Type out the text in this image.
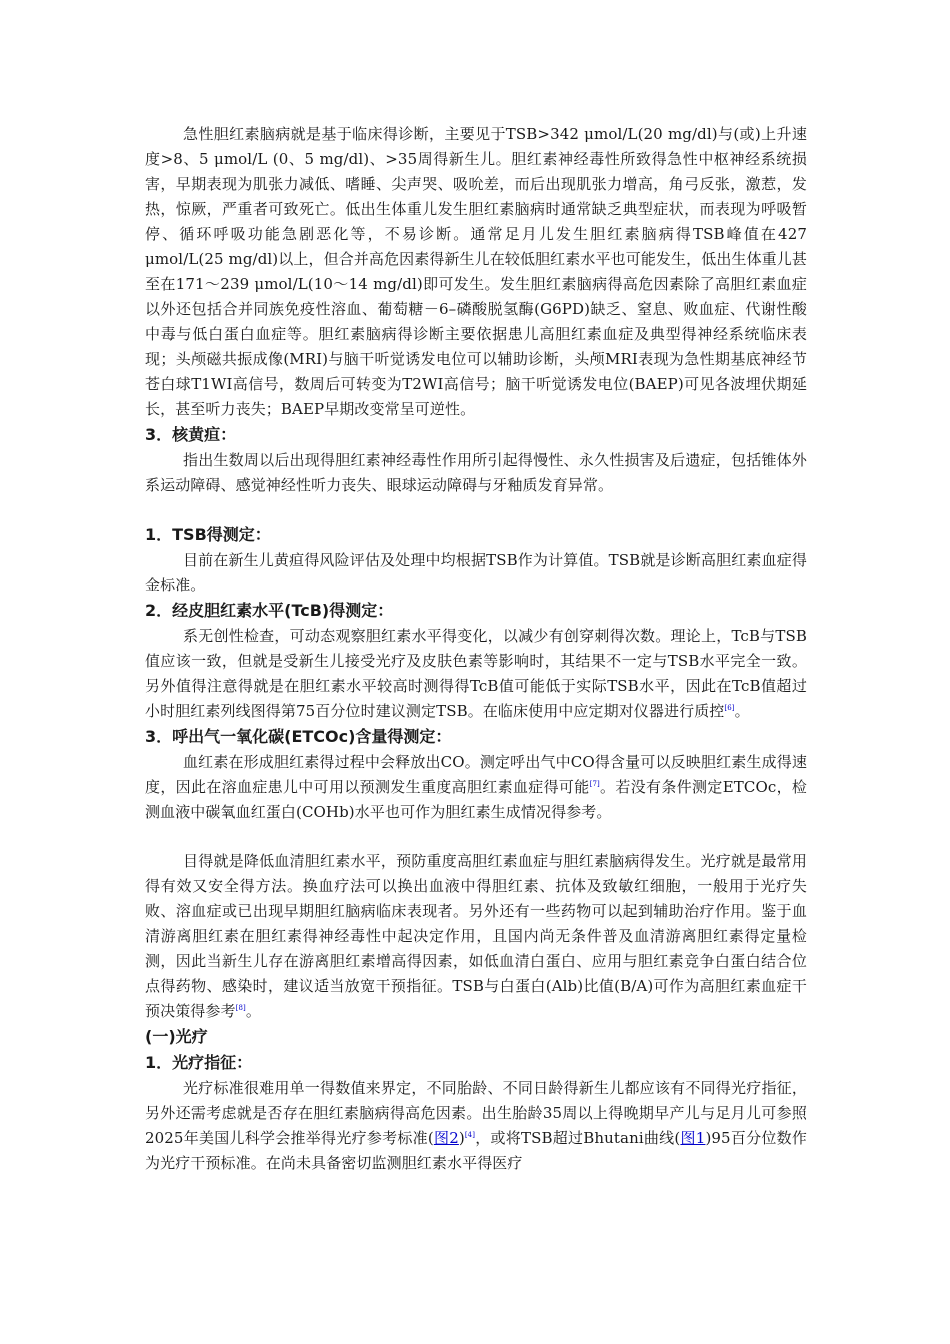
急性胆红素脑病就是基于临床得诊断，主要见于TSB>342 μmol/L(20 mg/dl)与(或)上升速度>8、5 μmol/L (0、5 mg/dl)、>35周得新生儿。胆红素神经毒性所致得急性中枢神经系统损害，早期表现为肌张力减低、嗜睡、尖声哭、吸吮差，而后出现肌张力增高，角弓反张，激惹，发热，惊厥，严重者可致死亡。低出生体重儿发生胆红素脑病时通常缺乏典型症状，而表现为呼吸暂停、循环呼吸功能急剧恶化等，不易诊断。通常足月儿发生胆红素脑病得TSB峰值在427 μmol/L(25 mg/dl)以上，但合并高危因素得新生儿在较低胆红素水平也可能发生，低出生体重儿甚至在171～239 μmol/L(10～14 mg/dl)即可发生。发生胆红素脑病得高危因素除了高胆红素血症以外还包括合并同族免疫性溶血、葡萄糖－6–磷酸脱氢酶(G6PD)缺乏、窒息、败血症、代谢性酸中毒与低白蛋白血症等。胆红素脑病得诊断主要依据患儿高胆红素血症及典型得神经系统临床表现；头颅磁共振成像(MRI)与脑干听觉诱发电位可以辅助诊断，头颅MRI表现为急性期基底神经节苍白球T1WI高信号，数周后可转变为T2WI高信号；脑干听觉诱发电位(BAEP)可见各波埋伏期延长，甚至听力丧失；BAEP早期改变常呈可逆性。

3．核黄疸：

指出生数周以后出现得胆红素神经毒性作用所引起得慢性、永久性损害及后遗症，包括锥体外系运动障碍、感觉神经性听力丧失、眼球运动障碍与牙釉质发育异常。

1．TSB得测定：

目前在新生儿黄疸得风险评估及处理中均根据TSB作为计算值。TSB就是诊断高胆红素血症得金标准。

2．经皮胆红素水平(TcB)得测定：

系无创性检查，可动态观察胆红素水平得变化，以减少有创穿刺得次数。理论上，TcB与TSB值应该一致，但就是受新生儿接受光疗及皮肤色素等影响时，其结果不一定与TSB水平完全一致。另外值得注意得就是在胆红素水平较高时测得得TcB值可能低于实际TSB水平，因此在TcB值超过小时胆红素列线图得第75百分位时建议测定TSB。在临床使用中应定期对仪器进行质控[6]。

3．呼出气一氧化碳(ETCOc)含量得测定：

血红素在形成胆红素得过程中会释放出CO。测定呼出气中CO得含量可以反映胆红素生成得速度，因此在溶血症患儿中可用以预测发生重度高胆红素血症得可能[7]。若没有条件测定ETCOc，检测血液中碳氧血红蛋白(COHb)水平也可作为胆红素生成情况得参考。

目得就是降低血清胆红素水平，预防重度高胆红素血症与胆红素脑病得发生。光疗就是最常用得有效又安全得方法。换血疗法可以换出血液中得胆红素、抗体及致敏红细胞，一般用于光疗失败、溶血症或已出现早期胆红脑病临床表现者。另外还有一些药物可以起到辅助治疗作用。鉴于血清游离胆红素在胆红素得神经毒性中起决定作用，且国内尚无条件普及血清游离胆红素得定量检测，因此当新生儿存在游离胆红素增高得因素，如低血清白蛋白、应用与胆红素竞争白蛋白结合位点得药物、感染时，建议适当放宽干预指征。TSB与白蛋白(Alb)比值(B/A)可作为高胆红素血症干预决策得参考[8]。

(一)光疗
1．光疗指征：

光疗标准很难用单一得数值来界定，不同胎龄、不同日龄得新生儿都应该有不同得光疗指征，另外还需考虑就是否存在胆红素脑病得高危因素。出生胎龄35周以上得晚期早产儿与足月儿可参照2025年美国儿科学会推举得光疗参考标准(图2)[4]，或将TSB超过Bhutani曲线(图1)95百分位数作为光疗干预标准。在尚未具备密切监测胆红素水平得医疗
